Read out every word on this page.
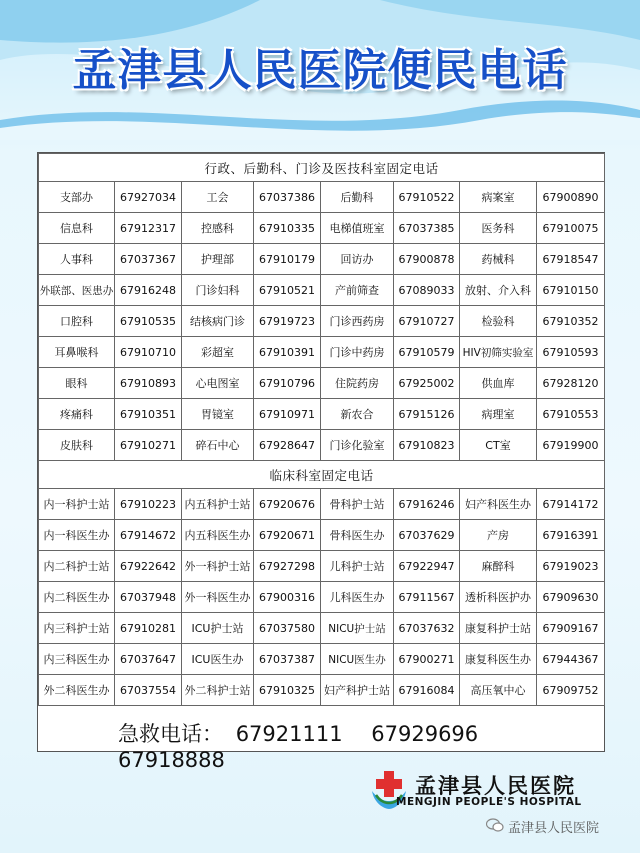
孟津县人民医院便民电话
行政、后勤科、门诊及医技科室固定电话							
支部办	67927034	工会	67037386	后勤科	67910522	病案室	67900890
信息科	67912317	控感科	67910335	电梯值班室	67037385	医务科	67910075
人事科	67037367	护理部	67910179	回访办	67900878	药械科	67918547
外联部、医患办	67916248	门诊妇科	67910521	产前筛查	67089033	放射、介入科	67910150
口腔科	67910535	结核病门诊	67919723	门诊西药房	67910727	检验科	67910352
耳鼻喉科	67910710	彩超室	67910391	门诊中药房	67910579	HIV初筛实验室	67910593
眼科	67910893	心电图室	67910796	住院药房	67925002	供血库	67928120
疼痛科	67910351	胃镜室	67910971	新农合	67915126	病理室	67910553
皮肤科	67910271	碎石中心	67928647	门诊化验室	67910823	CT室	67919900
临床科室固定电话							
内一科护士站	67910223	内五科护士站	67920676	骨科护士站	67916246	妇产科医生办	67914172
内一科医生办	67914672	内五科医生办	67920671	骨科医生办	67037629	产房	67916391
内二科护士站	67922642	外一科护士站	67927298	儿科护士站	67922947	麻醉科	67919023
内二科医生办	67037948	外一科医生办	67900316	儿科医生办	67911567	透析科医护办	67909630
内三科护士站	67910281	ICU护士站	67037580	NICU护士站	67037632	康复科护士站	67909167
内三科医生办	67037647	ICU医生办	67037387	NICU医生办	67900271	康复科医生办	67944367
外二科医生办	67037554	外二科护士站	67910325	妇产科护士站	67916084	高压氧中心	67909752
急救电话： 67921111 67929696 67918888
孟津县人民医院
MENGJIN PEOPLE'S HOSPITAL
孟津县人民医院
